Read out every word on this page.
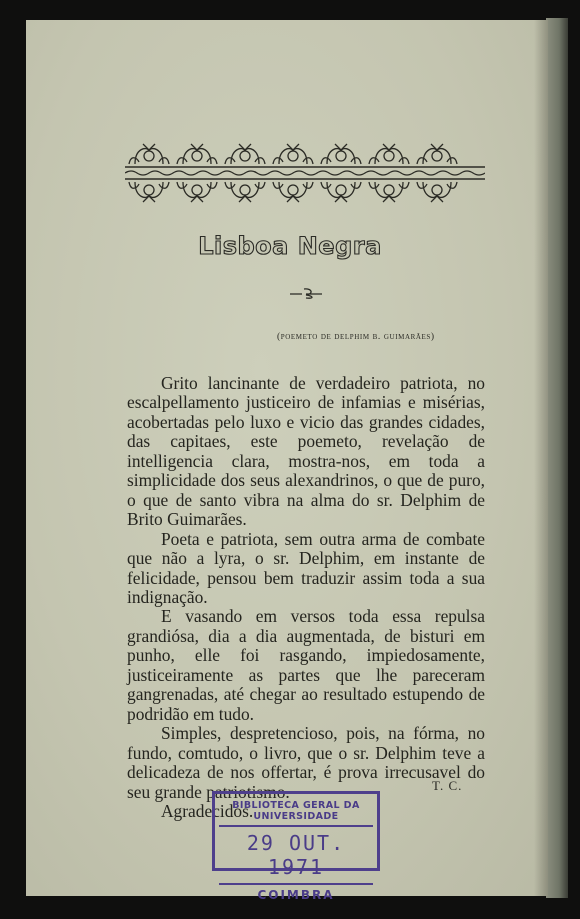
Lisboa Negra
(poemeto de delphim b. guimarães)

Grito lancinante de verdadeiro patriota, no escalpellamento justiceiro de infamias e misérias, acobertadas pelo luxo e vicio das grandes cidades, das capitaes, este poemeto, revelação de intelligencia clara, mostra-nos, em toda a simplicidade dos seus alexandrinos, o que de puro, o que de santo vibra na alma do sr. Delphim de Brito Guimarães.

Poeta e patriota, sem outra arma de combate que não a lyra, o sr. Delphim, em instante de felicidade, pensou bem traduzir assim toda a sua indignação.

E vasando em versos toda essa repulsa grandiósa, dia a dia augmentada, de bisturi em punho, elle foi rasgando, impiedosamente, justiceiramente as partes que lhe pareceram gangrenadas, até chegar ao resultado estupendo de podridão em tudo.

Simples, despretencioso, pois, na fórma, no fundo, comtudo, o livro, que o sr. Delphim teve a delicadeza de nos offertar, é prova irrecusavel do seu grande patriotismo.

Agradecidos.

T. C.
BIBLIOTECA GERAL DA UNIVERSIDADE
29 OUT. 1971
COIMBRA
